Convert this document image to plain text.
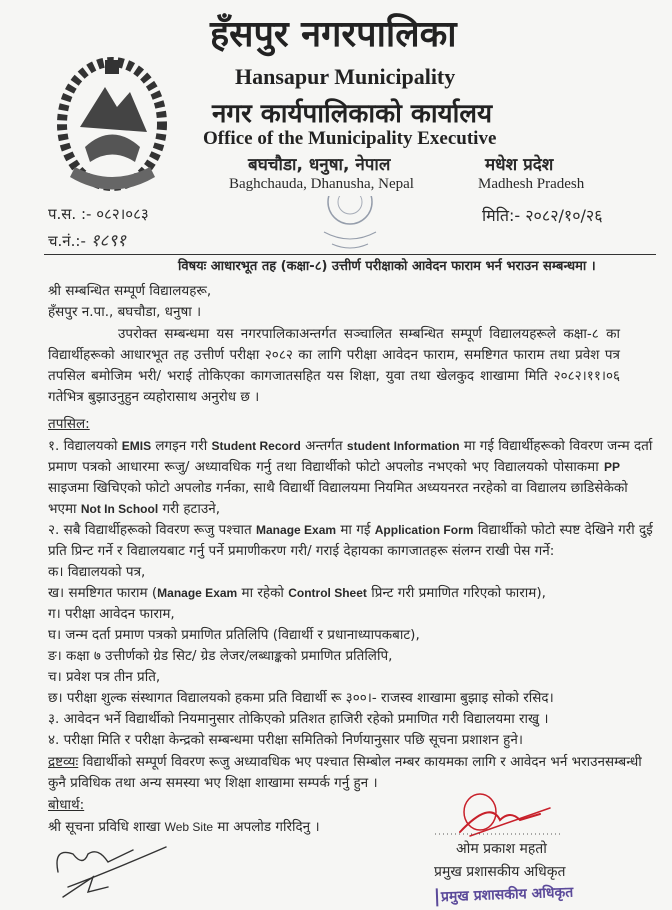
हँसपुर नगरपालिका
Hansapur Municipality
नगर कार्यपालिकाको कार्यालय
Office of the Municipality Executive
बघचौडा, धनुषा, नेपाल
Baghchauda, Dhanusha, Nepal
मधेश प्रदेश
Madhesh Pradesh
प.स. :- ०८२।०८३
च.नं.:- १८९१
मिति:- २०८२/१०/२६
विषयः आधारभूत तह (कक्षा-८) उत्तीर्ण परीक्षाको आवेदन फाराम भर्न भराउन सम्बन्धमा ।
श्री सम्बन्धित सम्पूर्ण विद्यालयहरू,
हँसपुर न.पा., बघचौडा, धनुषा ।
उपरोक्त सम्बन्धमा यस नगरपालिकाअन्तर्गत सञ्चालित सम्बन्धित सम्पूर्ण विद्यालयहरूले कक्षा-८ का
विद्यार्थीहरूको आधारभूत तह उत्तीर्ण परीक्षा २०८२ का लागि परीक्षा आवेदन फाराम, समष्टिगत फाराम तथा प्रवेश पत्र
तपसिल बमोजिम भरी/ भराई तोकिएका कागजातसहित यस शिक्षा, युवा तथा खेलकुद शाखामा मिति २०८२।११।०६
गतेभित्र बुझाउनुहुन व्यहोरासाथ अनुरोध छ ।
तपसिल:
१. विद्यालयको EMIS लगइन गरी Student Record अन्तर्गत student Information मा गई विद्यार्थीहरूको विवरण जन्म दर्ता
प्रमाण पत्रको आधारमा रूजु/ अध्यावधिक गर्नु तथा विद्यार्थीको फोटो अपलोड नभएको भए विद्यालयको पोसाकमा PP
साइजमा खिचिएको फोटो अपलोड गर्नका, साथै विद्यार्थी विद्यालयमा नियमित अध्ययनरत नरहेको वा विद्यालय छाडिसेकेको
भएमा Not In School गरी हटाउने,
२. सबै विद्यार्थीहरूको विवरण रूजु पश्चात Manage Exam मा गई Application Form विद्यार्थीको फोटो स्पष्ट देखिने गरी दुई
प्रति प्रिन्ट गर्ने र विद्यालयबाट गर्नु पर्ने प्रमाणीकरण गरी/ गराई देहायका कागजातहरू संलग्न राखी पेस गर्ने:
क। विद्यालयको पत्र,
ख। समष्टिगत फाराम (Manage Exam मा रहेको Control Sheet प्रिन्ट गरी प्रमाणित गरिएको फाराम),
ग। परीक्षा आवेदन फाराम,
घ। जन्म दर्ता प्रमाण पत्रको प्रमाणित प्रतिलिपि (विद्यार्थी र प्रधानाध्यापकबाट),
ङ। कक्षा ७ उत्तीर्णको ग्रेड सिट/ ग्रेड लेजर/लब्धाङ्कको प्रमाणित प्रतिलिपि,
च। प्रवेश पत्र तीन प्रति,
छ। परीक्षा शुल्क संस्थागत विद्यालयको हकमा प्रति विद्यार्थी रू ३००।- राजस्व शाखामा बुझाइ सोको रसिद।
३. आवेदन भर्ने विद्यार्थीको नियमानुसार तोकिएको प्रतिशत हाजिरी रहेको प्रमाणित गरी विद्यालयमा राखु ।
४. परीक्षा मिति र परीक्षा केन्द्रको सम्बन्धमा परीक्षा समितिको निर्णयानुसार पछि सूचना प्रशाशन हुने।
द्रष्टव्यः विद्यार्थीको सम्पूर्ण विवरण रूजु अध्यावधिक भए पश्चात सिम्बोल नम्बर कायमका लागि र आवेदन भर्न भराउनसम्बन्धी
कुनै प्रविधिक तथा अन्य समस्या भए शिक्षा शाखामा सम्पर्क गर्नु हुन ।
बोधार्थ:
श्री सूचना प्रविधि शाखा Web Site मा अपलोड गरिदिनु ।
ओम प्रकाश महतो
प्रमुख प्रशासकीय अधिकृत
प्रमुख प्रशासकीय अधिकृत
